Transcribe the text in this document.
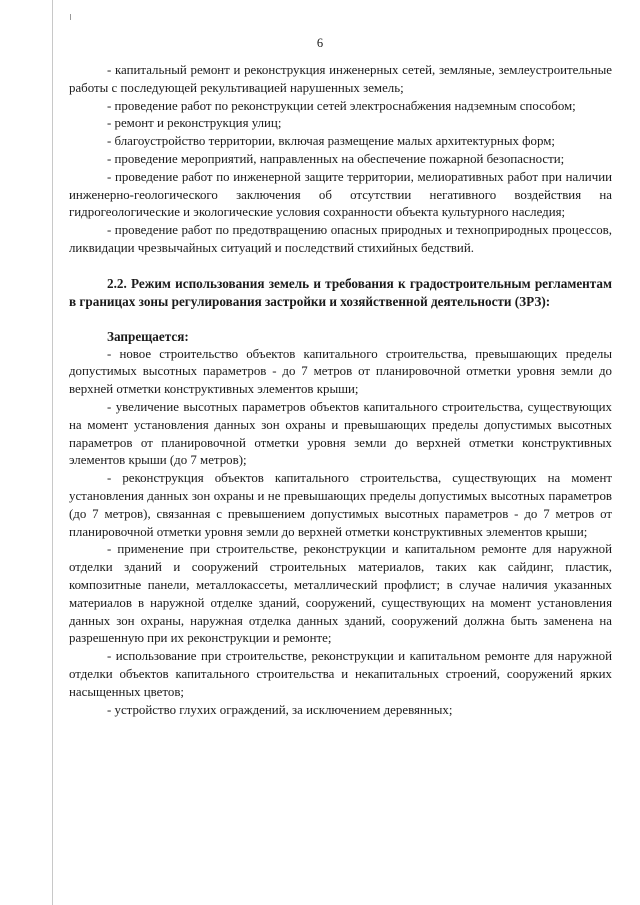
6

- капитальный ремонт и реконструкция инженерных сетей, земляные, землеустроительные работы с последующей рекультивацией нарушенных земель;

- проведение работ по реконструкции сетей электроснабжения надземным способом;

- ремонт и реконструкция улиц;

- благоустройство территории, включая размещение малых архитектурных форм;

- проведение мероприятий, направленных на обеспечение пожарной безопасности;

- проведение работ по инженерной защите территории, мелиоративных работ при наличии инженерно-геологического заключения об отсутствии негативного воздействия на гидрогеологические и экологические условия сохранности объекта культурного наследия;

- проведение работ по предотвращению опасных природных и техноприродных процессов, ликвидации чрезвычайных ситуаций и последствий стихийных бедствий.

2.2. Режим использования земель и требования к градостроительным регламентам в границах зоны регулирования застройки и хозяйственной деятельности (ЗРЗ):

Запрещается:

- новое строительство объектов капитального строительства, превышающих пределы допустимых высотных параметров - до 7 метров от планировочной отметки уровня земли до верхней отметки конструктивных элементов крыши;

- увеличение высотных параметров объектов капитального строительства, существующих на момент установления данных зон охраны и превышающих пределы допустимых высотных параметров от планировочной отметки уровня земли до верхней отметки конструктивных элементов крыши (до 7 метров);

- реконструкция объектов капитального строительства, существующих на момент установления данных зон охраны и не превышающих пределы допустимых высотных параметров (до 7 метров), связанная с превышением допустимых высотных параметров - до 7 метров от планировочной отметки уровня земли до верхней отметки конструктивных элементов крыши;

- применение при строительстве, реконструкции и капитальном ремонте для наружной отделки зданий и сооружений строительных материалов, таких как сайдинг, пластик, композитные панели, металлокассеты, металлический профлист; в случае наличия указанных материалов в наружной отделке зданий, сооружений, существующих на момент установления данных зон охраны, наружная отделка данных зданий, сооружений должна быть заменена на разрешенную при их реконструкции и ремонте;

- использование при строительстве, реконструкции и капитальном ремонте для наружной отделки объектов капитального строительства и некапитальных строений, сооружений ярких насыщенных цветов;

- устройство глухих ограждений, за исключением деревянных;
